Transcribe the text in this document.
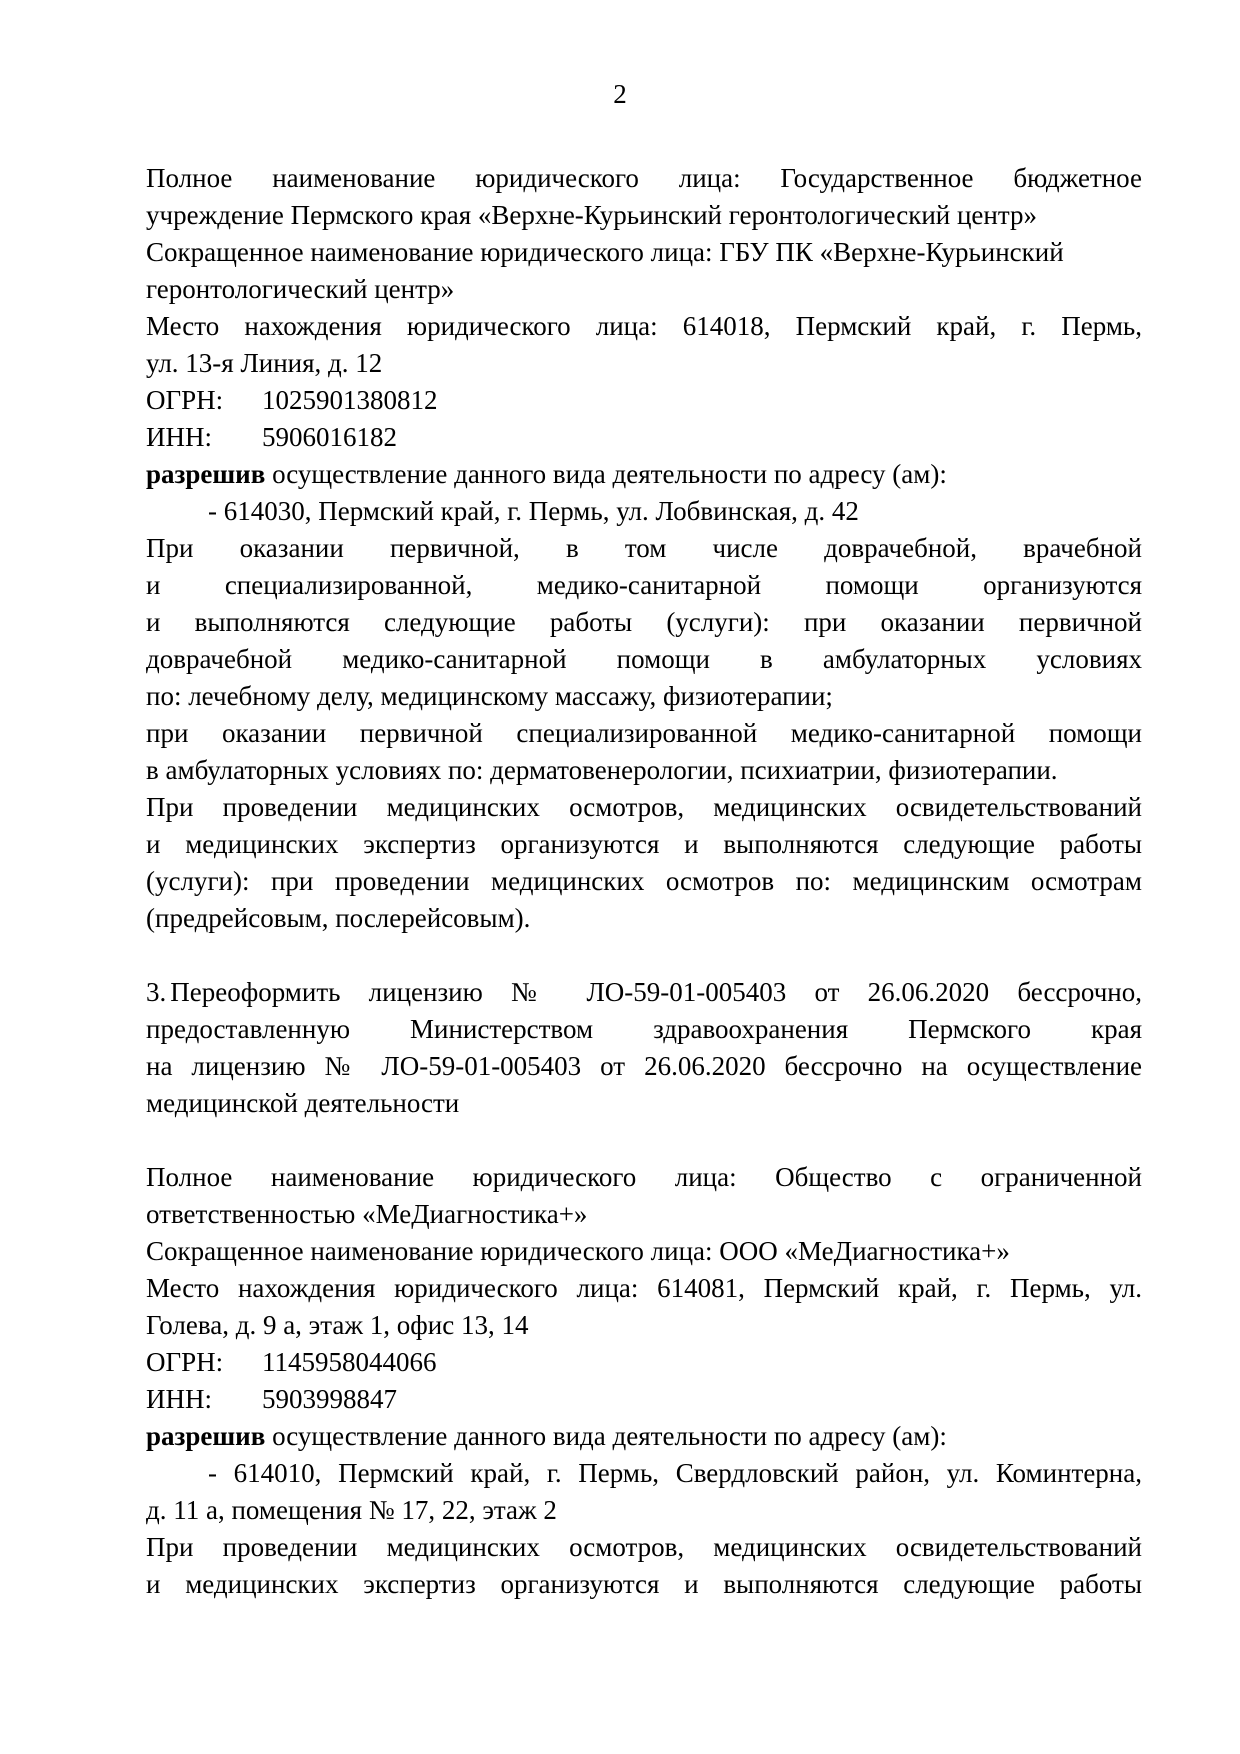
2
Полное наименование юридического лица: Государственное бюджетное
учреждение Пермского края «Верхне-Курьинский геронтологический центр»
Сокращенное наименование юридического лица: ГБУ ПК «Верхне-Курьинский
геронтологический центр»
Место нахождения юридического лица: 614018, Пермский край, г. Пермь,
ул. 13-я Линия, д. 12
ОГРН: 1025901380812
ИНН: 5906016182
разрешив осуществление данного вида деятельности по адресу (ам):
- 614030, Пермский край, г. Пермь, ул. Лобвинская, д. 42
При оказании первичной, в том числе доврачебной, врачебной
и специализированной, медико-санитарной помощи организуются
и выполняются следующие работы (услуги): при оказании первичной
доврачебной медико-санитарной помощи в амбулаторных условиях
по: лечебному делу, медицинскому массажу, физиотерапии;
при оказании первичной специализированной медико-санитарной помощи
в амбулаторных условиях по: дерматовенерологии, психиатрии, физиотерапии.
При проведении медицинских осмотров, медицинских освидетельствований
и медицинских экспертиз организуются и выполняются следующие работы
(услуги): при проведении медицинских осмотров по: медицинским осмотрам
(предрейсовым, послерейсовым).
3. Переоформить лицензию № ЛО-59-01-005403 от 26.06.2020 бессрочно,
предоставленную Министерством здравоохранения Пермского края
на лицензию № ЛО-59-01-005403 от 26.06.2020 бессрочно на осуществление
медицинской деятельности
Полное наименование юридического лица: Общество с ограниченной
ответственностью «МеДиагностика+»
Сокращенное наименование юридического лица: ООО «МеДиагностика+»
Место нахождения юридического лица: 614081, Пермский край, г. Пермь, ул.
Голева, д. 9 а, этаж 1, офис 13, 14
ОГРН: 1145958044066
ИНН: 5903998847
разрешив осуществление данного вида деятельности по адресу (ам):
- 614010, Пермский край, г. Пермь, Свердловский район, ул. Коминтерна,
д. 11 а, помещения № 17, 22, этаж 2
При проведении медицинских осмотров, медицинских освидетельствований
и медицинских экспертиз организуются и выполняются следующие работы
